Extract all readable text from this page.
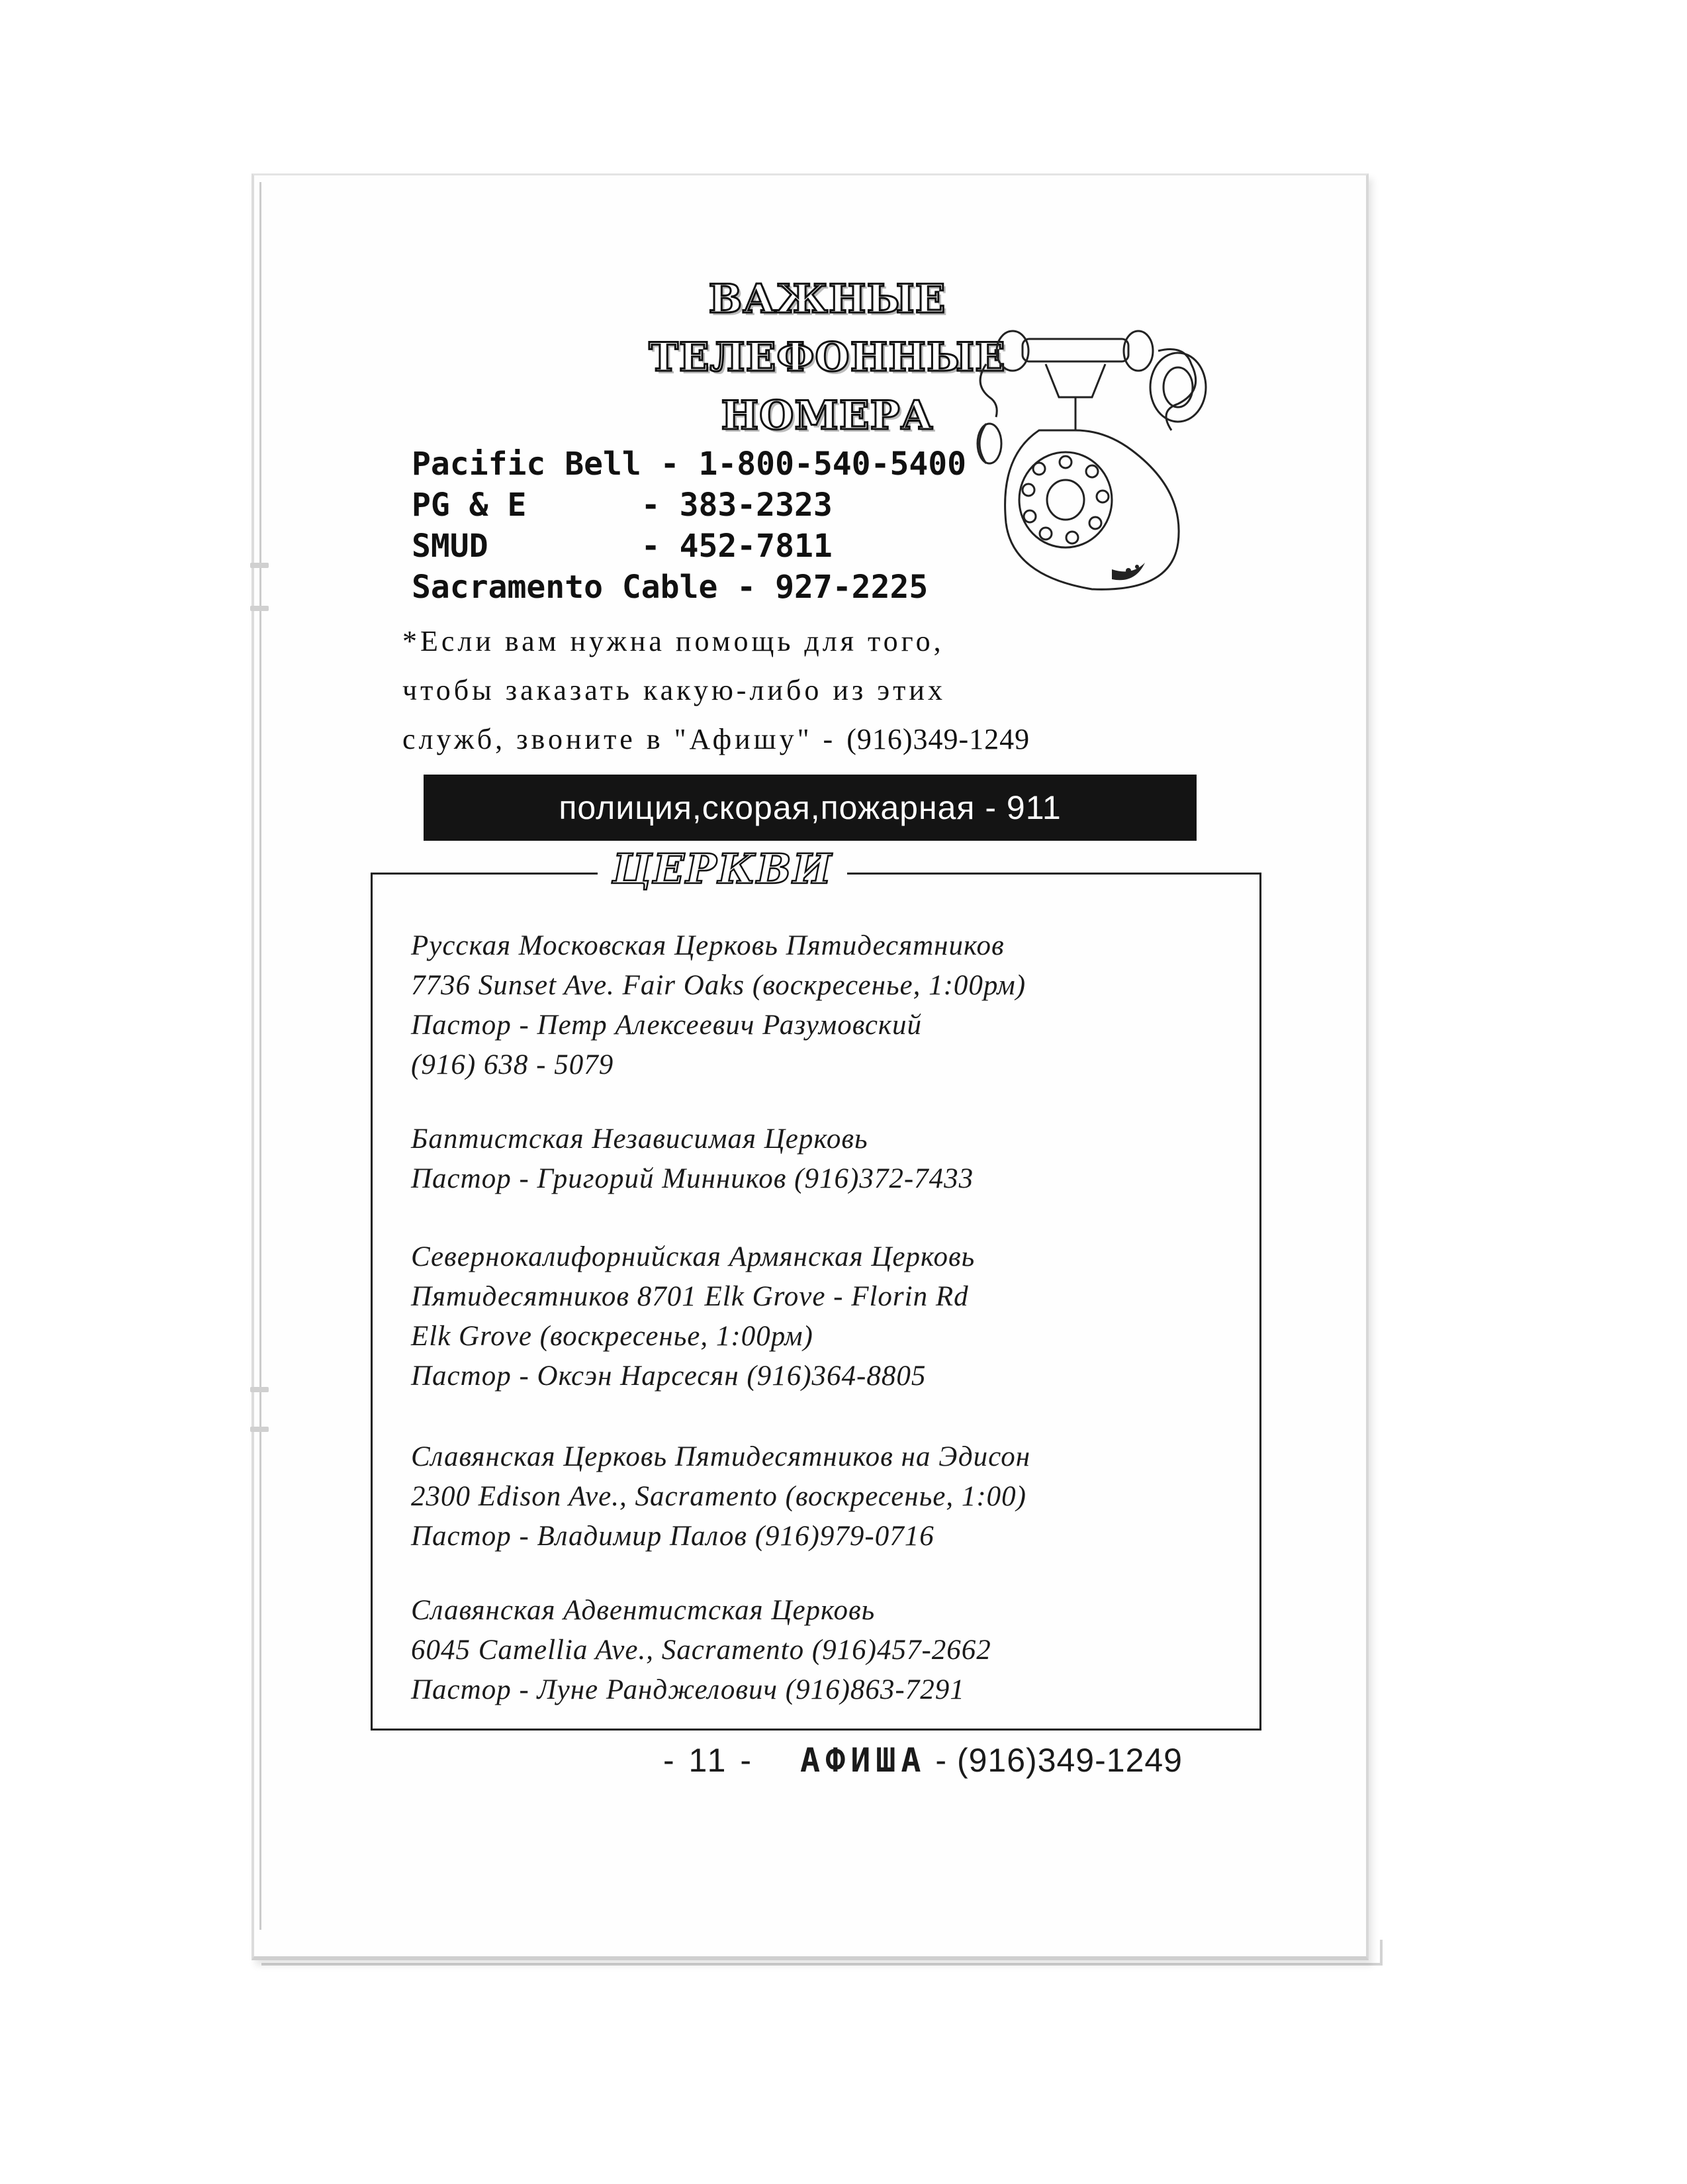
ВАЖНЫЕ ТЕЛЕФОННЫЕ
НОМЕРА
Pacific Bell - 1-800-540-5400
PG & E      - 383-2323
SMUD        - 452-7811
Sacramento Cable - 927-2225
*Если вам нужна помощь для того,
чтобы заказать какую-либо из этих
служб, звоните в "Афишу" - (916)349-1249
полиция,скорая,пожарная - 911
ЦЕРКВИ
Русская Московская Церковь Пятидесятников
7736 Sunset Ave. Fair Oaks (воскресенье, 1:00рм)
Пастор - Петр Алексеевич Разумовский
(916) 638 - 5079
Баптистская Независимая Церковь
Пастор - Григорий Минников (916)372-7433
Севернокалифорнийская Армянская Церковь
Пятидесятников 8701 Elk Grove - Florin Rd
Elk Grove (воскресенье, 1:00рм)
Пастор - Оксэн Нарсесян (916)364-8805
Славянская Церковь Пятидесятников на Эдисон
2300 Edison Ave., Sacramento (воскресенье, 1:00)
Пастор - Владимир Палов (916)979-0716
Славянская Адвентистская Церковь
6045 Camellia Ave., Sacramento (916)457-2662
Пастор - Луне Ранджелович (916)863-7291
- 11 - АФИША - (916)349-1249
